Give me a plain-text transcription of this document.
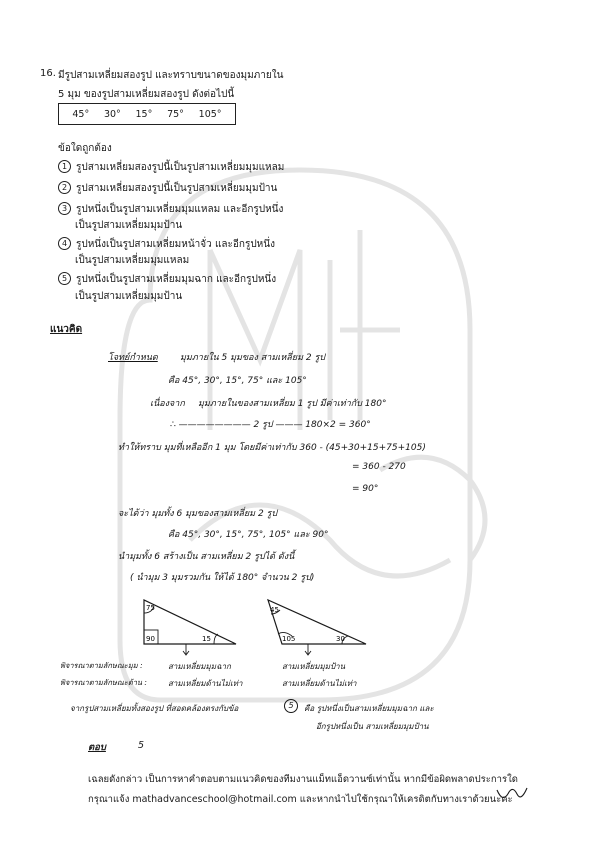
16. มีรูปสามเหลี่ยมสองรูป และทราบขนาดของมุมภายใน
5 มุม ของรูปสามเหลี่ยมสองรูป ดังต่อไปนี้
45° 30° 15° 75° 105°
ข้อใดถูกต้อง
1 รูปสามเหลี่ยมสองรูปนี้เป็นรูปสามเหลี่ยมมุมแหลม
2 รูปสามเหลี่ยมสองรูปนี้เป็นรูปสามเหลี่ยมมุมป้าน
3 รูปหนึ่งเป็นรูปสามเหลี่ยมมุมแหลม และอีกรูปหนึ่ง
เป็นรูปสามเหลี่ยมมุมป้าน
4 รูปหนึ่งเป็นรูปสามเหลี่ยมหน้าจั่ว และอีกรูปหนึ่ง
เป็นรูปสามเหลี่ยมมุมแหลม
5 รูปหนึ่งเป็นรูปสามเหลี่ยมมุมฉาก และอีกรูปหนึ่ง
เป็นรูปสามเหลี่ยมมุมป้าน
แนวคิด
โจทย์กำหนด มุมภายใน 5 มุมของ สามเหลี่ยม 2 รูป
คือ 45°, 30°, 15°, 75° และ 105°
เนื่องจาก มุมภายในของสามเหลี่ยม 1 รูป มีค่าเท่ากับ 180°
∴ ———————— 2 รูป ——— 180×2 = 360°
ทำให้ทราบ มุมที่เหลืออีก 1 มุม โดยมีค่าเท่ากับ 360 - (45+30+15+75+105)
= 360 - 270
= 90°
จะได้ว่า มุมทั้ง 6 มุมของสามเหลี่ยม 2 รูป
คือ 45°, 30°, 15°, 75°, 105° และ 90°
นำมุมทั้ง 6 สร้างเป็น สามเหลี่ยม 2 รูปได้ ดังนี้
( นำมุม 3 มุมรวมกัน ให้ได้ 180° จำนวน 2 รูป)
75
90	15
45
105	30
พิจารณาตามลักษณะมุม :
พิจารณาตามลักษณะด้าน :
สามเหลี่ยมมุมฉาก
สามเหลี่ยมด้านไม่เท่า
สามเหลี่ยมมุมป้าน
สามเหลี่ยมด้านไม่เท่า
จากรูปสามเหลี่ยมทั้งสองรูป ที่สอดคล้องตรงกับข้อ	5	คือ รูปหนึ่งเป็นสามเหลี่ยมมุมฉาก และ
อีกรูปหนึ่งเป็น สามเหลี่ยมมุมป้าน
ตอบ	5
เฉลยดังกล่าว เป็นการหาคำตอบตามแนวคิดของทีมงานแม็ทแอ็ดวานซ์เท่านั้น หากมีข้อผิดพลาดประการใด
กรุณาแจ้ง mathadvanceschool@hotmail.com และหากนำไปใช้กรุณาให้เครดิตกับทางเราด้วยนะคะ
